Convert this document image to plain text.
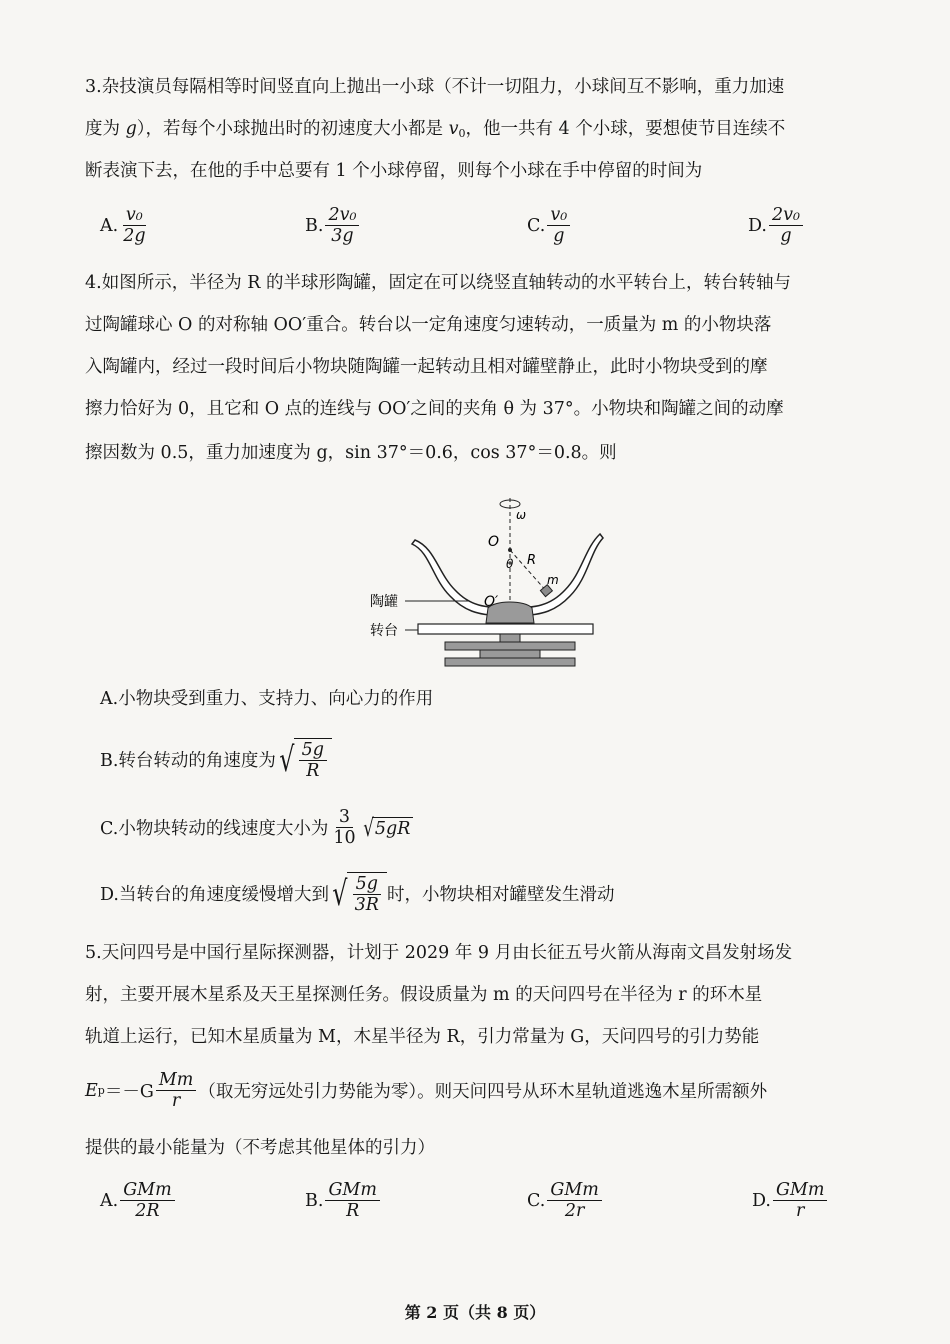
3.杂技演员每隔相等时间竖直向上抛出一小球（不计一切阻力，小球间互不影响，重力加速
度为 g），若每个小球抛出时的初速度大小都是 $v_0$，他一共有 4 个小球，要想使节目连续不
断表演下去，在他的手中总要有 1 个小球停留，则每个小球在手中停留的时间为
A. $\frac{\text{v₀}}{2g}$	B. $\frac{\text{2v₀}}{3g}$	C. $\frac{\text{v₀}}{g}$	D. $\frac{\text{2v₀}}{g}$
4.如图所示，半径为 R 的半球形陶罐，固定在可以绕竖直轴转动的水平转台上，转台转轴与
过陶罐球心 O 的对称轴 OO′重合。转台以一定角速度匀速转动，一质量为 m 的小物块落
入陶罐内，经过一段时间后小物块随陶罐一起转动且相对罐壁静止，此时小物块受到的摩
擦力恰好为 0，且它和 O 点的连线与 OO′之间的夹角 θ 为 37°。小物块和陶罐之间的动摩
擦因数为 0.5，重力加速度为 g，sin 37°＝0.6，cos 37°＝0.8。则
ω
O
R
θ
m
O′
陶罐
转台
A.小物块受到重力、支持力、向心力的作用
B.转台转动的角速度为 √ $\frac{5g}{R}$
C.小物块转动的线速度大小为 $\frac{3}{10}$ √ 5gR
D.当转台的角速度缓慢增大到 √ $\frac{5g}{3R}$ 时，小物块相对罐壁发生滑动
5.天问四号是中国行星际探测器，计划于 2029 年 9 月由长征五号火箭从海南文昌发射场发
射，主要开展木星系及天王星探测任务。假设质量为 m 的天问四号在半径为 r 的环木星
轨道上运行，已知木星质量为 M，木星半径为 R，引力常量为 G，天问四号的引力势能
E $p =-G \frac{Mm}{r}$ （取无穷远处引力势能为零）。则天问四号从环木星轨道逃逸木星所需额外
提供的最小能量为（不考虑其他星体的引力）
A. $\frac{\text{GMm}}{2R}$	B. $\frac{\text{GMm}}{R}$	C. $\frac{\text{GMm}}{2r}$	D. $\frac{\text{GMm}}{r}$
第 2 页（共 8 页）
